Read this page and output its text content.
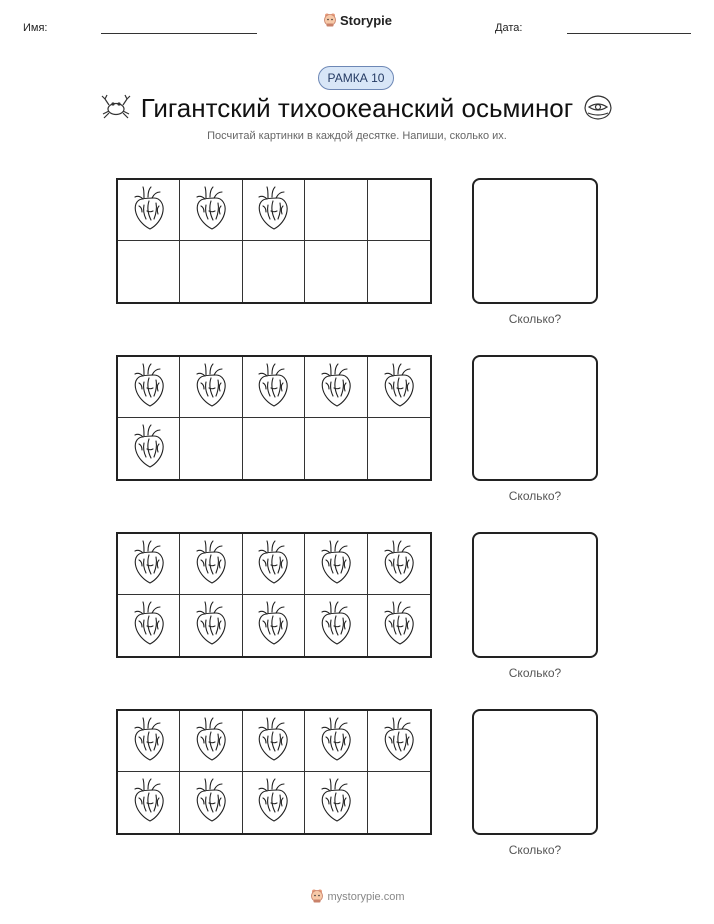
Имя:	Storypie	Дата:
РАМКА 10
Гигантский тихоокеанский осьминог
Посчитай картинки в каждой десятке. Напиши, сколько их.
Сколько?
Сколько?
Сколько?
Сколько?
mystorypie.com
